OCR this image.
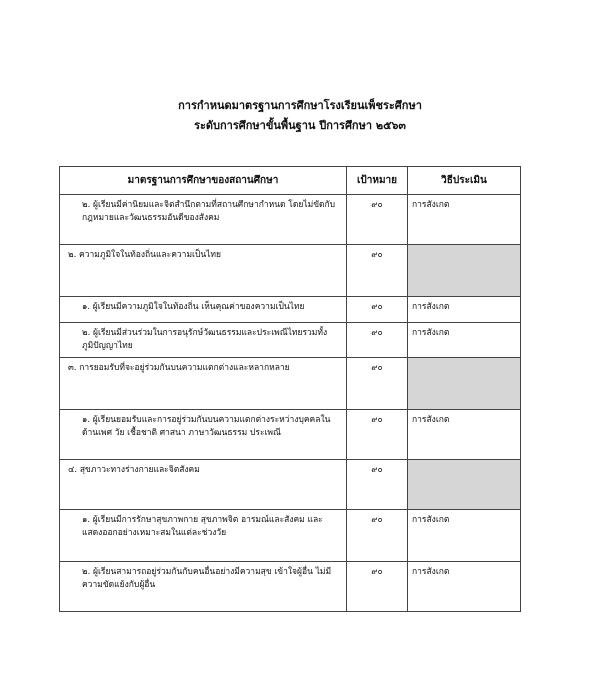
การกำหนดมาตรฐานการศึกษาโรงเรียนเพ็ชระศึกษา
ระดับการศึกษาขั้นพื้นฐาน ปีการศึกษา ๒๕๖๓
มาตรฐานการศึกษาของสถานศึกษา	เป้าหมาย	วิธีประเมิน
๒. ผู้เรียนมีค่านิยมและจิตสำนึกตามที่สถานศึกษากำหนด โดยไม่ขัดกับกฎหมายและวัฒนธรรมอันดีของสังคม	๙๐	การสังเกต
๒. ความภูมิใจในท้องถิ่นและความเป็นไทย	๙๐	
๑. ผู้เรียนมีความภูมิใจในท้องถิ่น เห็นคุณค่าของความเป็นไทย	๙๐	การสังเกต
๒. ผู้เรียนมีส่วนร่วมในการอนุรักษ์วัฒนธรรมและประเพณีไทยรวมทั้งภูมิปัญญาไทย	๙๐	การสังเกต
๓. การยอมรับที่จะอยู่ร่วมกันบนความแตกต่างและหลากหลาย	๙๐	
๑. ผู้เรียนยอมรับและการอยู่ร่วมกันบนความแตกต่างระหว่างบุคคลในด้านเพศ วัย เชื้อชาติ ศาสนา ภาษาวัฒนธรรม ประเพณี	๙๐	การสังเกต
๔. สุขภาวะทางร่างกายและจิตสังคม	๙๐	
๑. ผู้เรียนมีการรักษาสุขภาพกาย สุขภาพจิต อารมณ์และสังคม และแสดงออกอย่างเหมาะสมในแต่ละช่วงวัย	๙๐	การสังเกต
๒. ผู้เรียนสามารถอยู่ร่วมกันกับคนอื่นอย่างมีความสุข เข้าใจผู้อื่น ไม่มีความขัดแย้งกับผู้อื่น	๙๐	การสังเกต
